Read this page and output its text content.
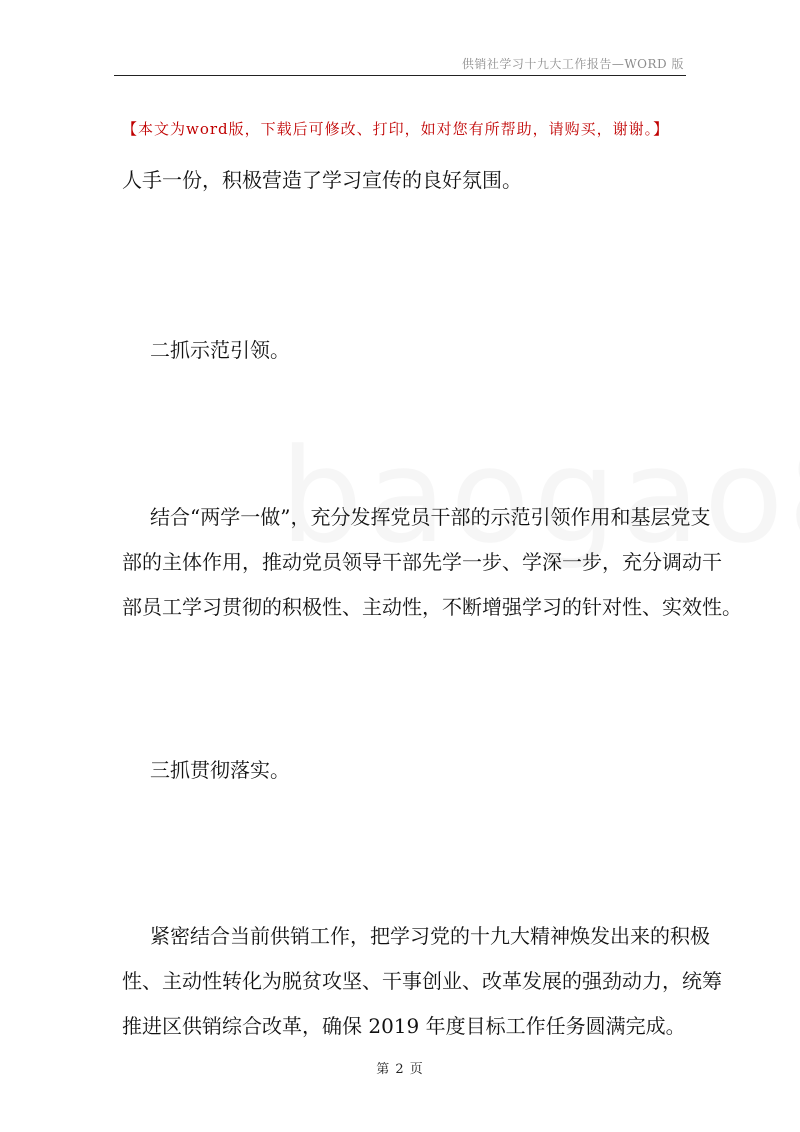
供销社学习十九大工作报告—WORD 版
【本文为word版，下载后可修改、打印，如对您有所帮助，请购买，谢谢。】

人手一份，积极营造了学习宣传的良好氛围。

二抓示范引领。

结合“两学一做”，充分发挥党员干部的示范引领作用和基层党支
部的主体作用，推动党员领导干部先学一步、学深一步，充分调动干
部员工学习贯彻的积极性、主动性，不断增强学习的针对性、实效性。

三抓贯彻落实。

紧密结合当前供销工作，把学习党的十九大精神焕发出来的积极
性、主动性转化为脱贫攻坚、干事创业、改革发展的强劲动力，统筹
推进区供销综合改革，确保 2019 年度目标工作任务圆满完成。
第 2 页
